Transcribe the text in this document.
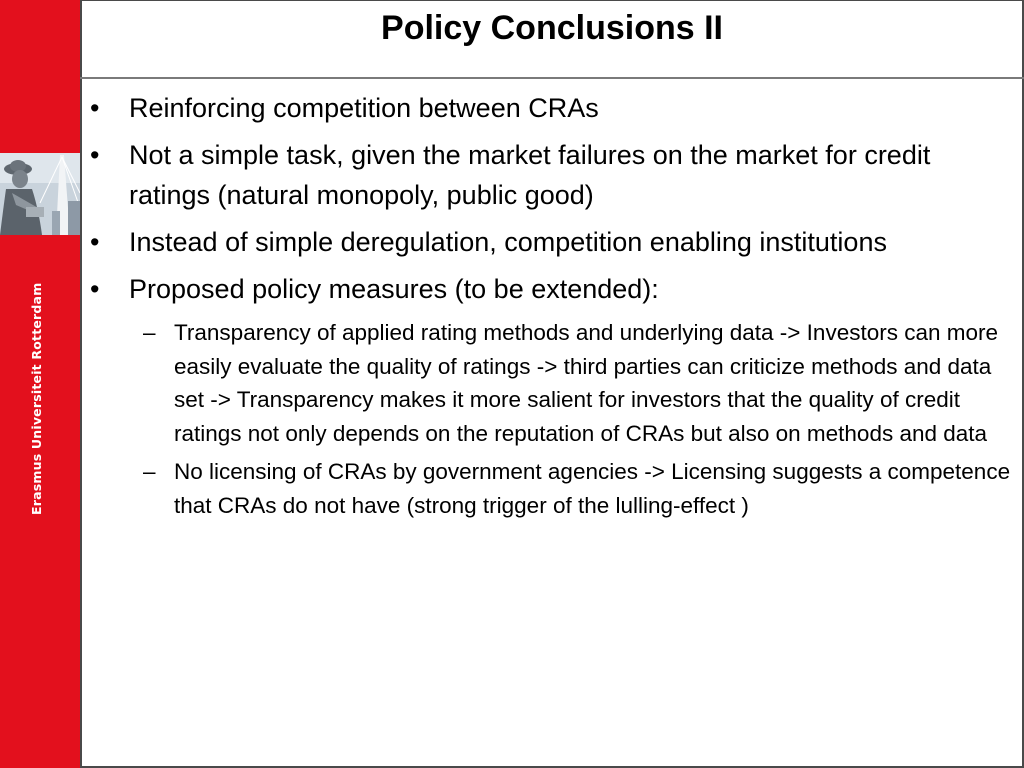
Erasmus Universiteit Rotterdam
Policy Conclusions II
• Reinforcing competition between CRAs
• Not a simple task, given the market failures on the market for credit ratings (natural monopoly, public good)
• Instead of simple deregulation, competition enabling institutions
• Proposed policy measures (to be extended):
– Transparency of applied rating methods and underlying data -> Investors can more easily evaluate the quality of ratings -> third parties can criticize methods and data set -> Transparency makes it more salient for investors that the quality of credit ratings not only depends on the reputation of CRAs but also on methods and data
– No licensing of CRAs by government agencies -> Licensing suggests a competence that CRAs do not have (strong trigger of the lulling-effect )
